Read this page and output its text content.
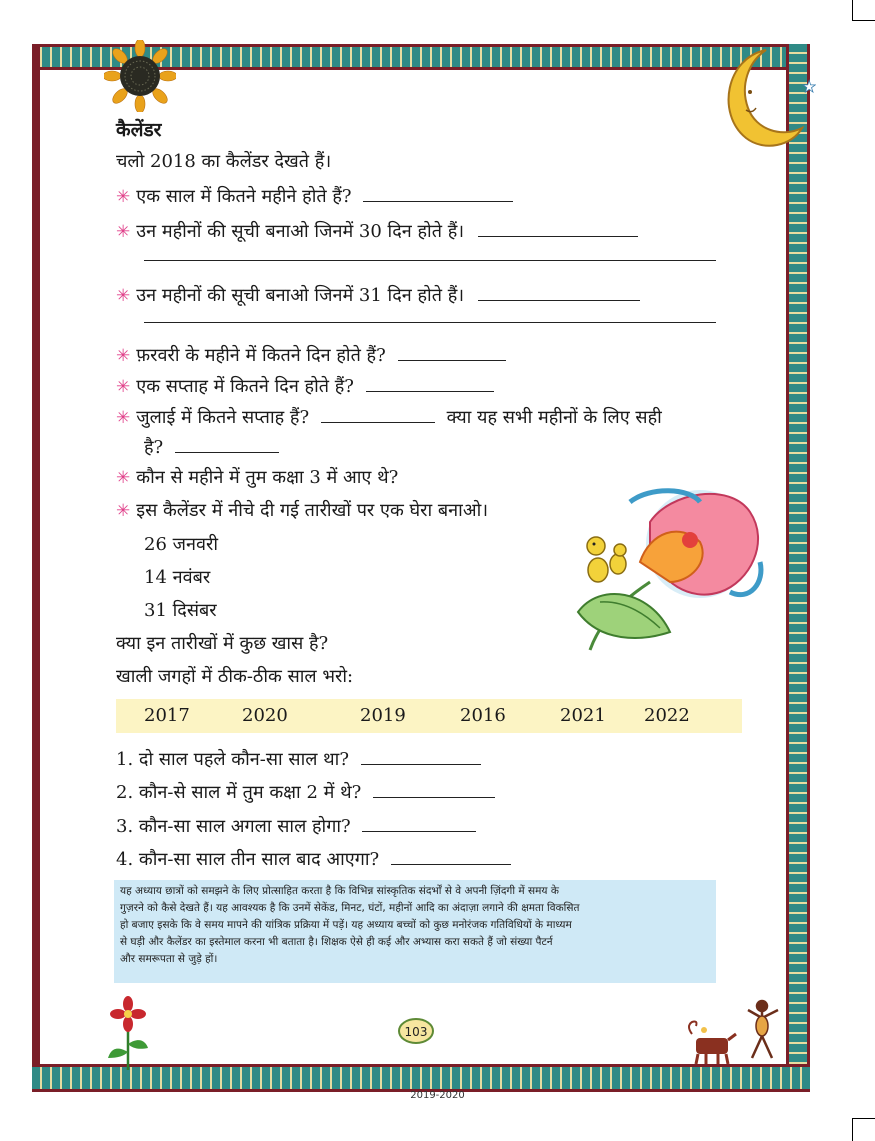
★
कैलेंडर
चलो 2018 का कैलेंडर देखते हैं।
✳ एक साल में कितने महीने होते हैं?
✳ उन महीनों की सूची बनाओ जिनमें 30 दिन होते हैं।
✳ उन महीनों की सूची बनाओ जिनमें 31 दिन होते हैं।
✳ फ़रवरी के महीने में कितने दिन होते हैं?
✳ एक सप्ताह में कितने दिन होते हैं?
✳ जुलाई में कितने सप्ताह हैं?	क्या यह सभी महीनों के लिए सही
है?
✳ कौन से महीने में तुम कक्षा 3 में आए थे?
✳ इस कैलेंडर में नीचे दी गई तारीखों पर एक घेरा बनाओ।
26 जनवरी
14 नवंबर
31 दिसंबर
क्या इन तारीखों में कुछ खास है?
खाली जगहों में ठीक-ठीक साल भरो:
2017	2020	2019	2016	2021 2022
1. दो साल पहले कौन-सा साल था?
2. कौन-से साल में तुम कक्षा 2 में थे?
3. कौन-सा साल अगला साल होगा?
4. कौन-सा साल तीन साल बाद आएगा?
यह अध्याय छात्रों को समझने के लिए प्रोत्साहित करता है कि विभिन्न सांस्कृतिक संदर्भों से वे अपनी ज़िंदगी में समय के
गुज़रने को कैसे देखते हैं। यह आवश्यक है कि उनमें सेकेंड, मिनट, घंटों, महीनों आदि का अंदाज़ा लगाने की क्षमता विकसित
हो बजाए इसके कि वे समय मापने की यांत्रिक प्रक्रिया में पड़ें। यह अध्याय बच्चों को कुछ मनोरंजक गतिविधियों के माध्यम
से घड़ी और कैलेंडर का इस्तेमाल करना भी बताता है। शिक्षक ऐसे ही कई और अभ्यास करा सकते हैं जो संख्या पैटर्न
और समरूपता से जुड़े हों।
103
2019-2020
